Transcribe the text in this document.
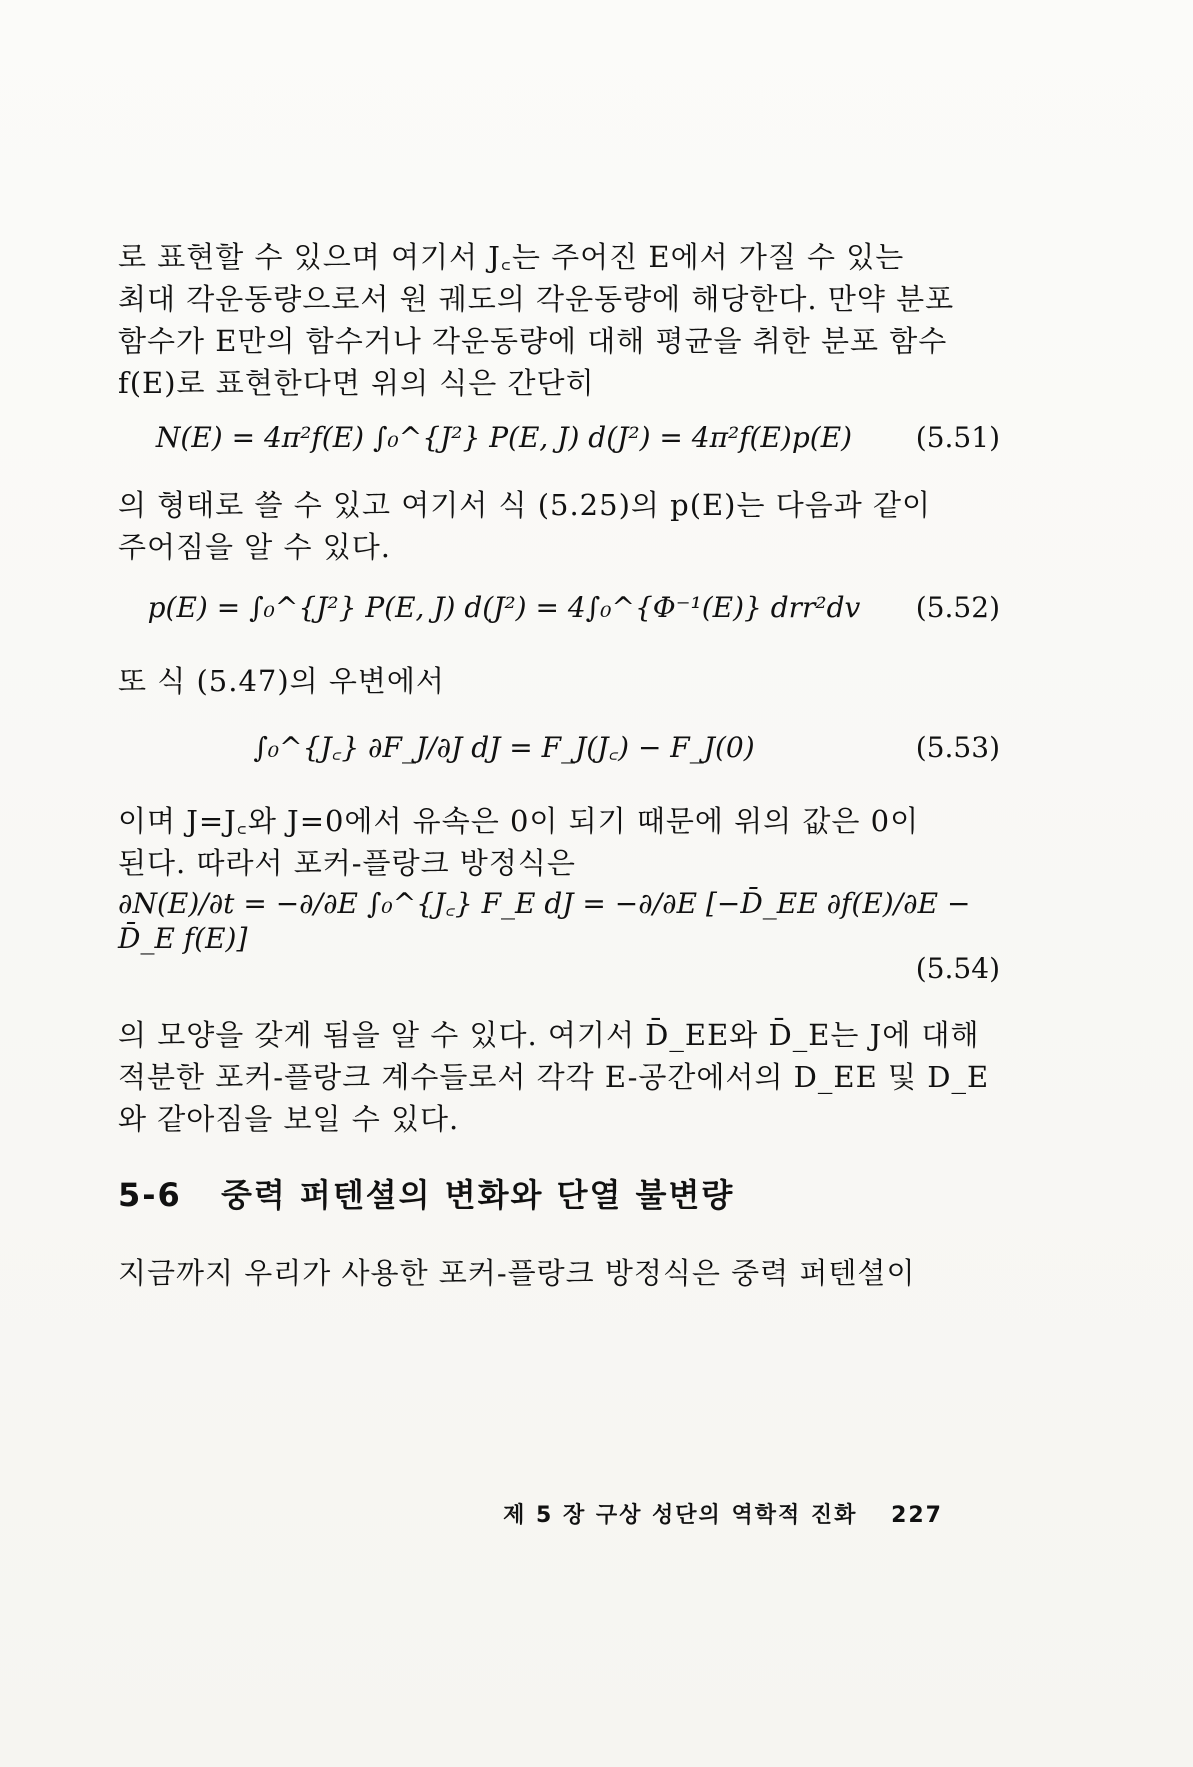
로 표현할 수 있으며 여기서 J꜀는 주어진 E에서 가질 수 있는

최대 각운동량으로서 원 궤도의 각운동량에 해당한다. 만약 분포

함수가 E만의 함수거나 각운동량에 대해 평균을 취한 분포 함수

f(E)로 표현한다면 위의 식은 간단히

N(E) = 4π²f(E) ∫₀^{J²} P(E, J) d(J²) = 4π²f(E)p(E)	(5.51)

의 형태로 쓸 수 있고 여기서 식 (5.25)의 p(E)는 다음과 같이

주어짐을 알 수 있다.

p(E) = ∫₀^{J²} P(E, J) d(J²) = 4∫₀^{Φ⁻¹(E)} drr²dv	(5.52)

또 식 (5.47)의 우변에서

∫₀^{J꜀} ∂F_J/∂J dJ = F_J(J꜀) − F_J(0)	(5.53)

이며 J=J꜀와 J=0에서 유속은 0이 되기 때문에 위의 값은 0이

된다. 따라서 포커-플랑크 방정식은

∂N(E)/∂t = −∂/∂E ∫₀^{J꜀} F_E dJ = −∂/∂E [−D̄_EE ∂f(E)/∂E − D̄_E f(E)]
(5.54)

의 모양을 갖게 됨을 알 수 있다. 여기서 D̄_EE와 D̄_E는 J에 대해

적분한 포커-플랑크 계수들로서 각각 E-공간에서의 D_EE 및 D_E

와 같아짐을 보일 수 있다.

5-6 중력 퍼텐셜의 변화와 단열 불변량

지금까지 우리가 사용한 포커-플랑크 방정식은 중력 퍼텐셜이

제 5 장 구상 성단의 역학적 진화 227
